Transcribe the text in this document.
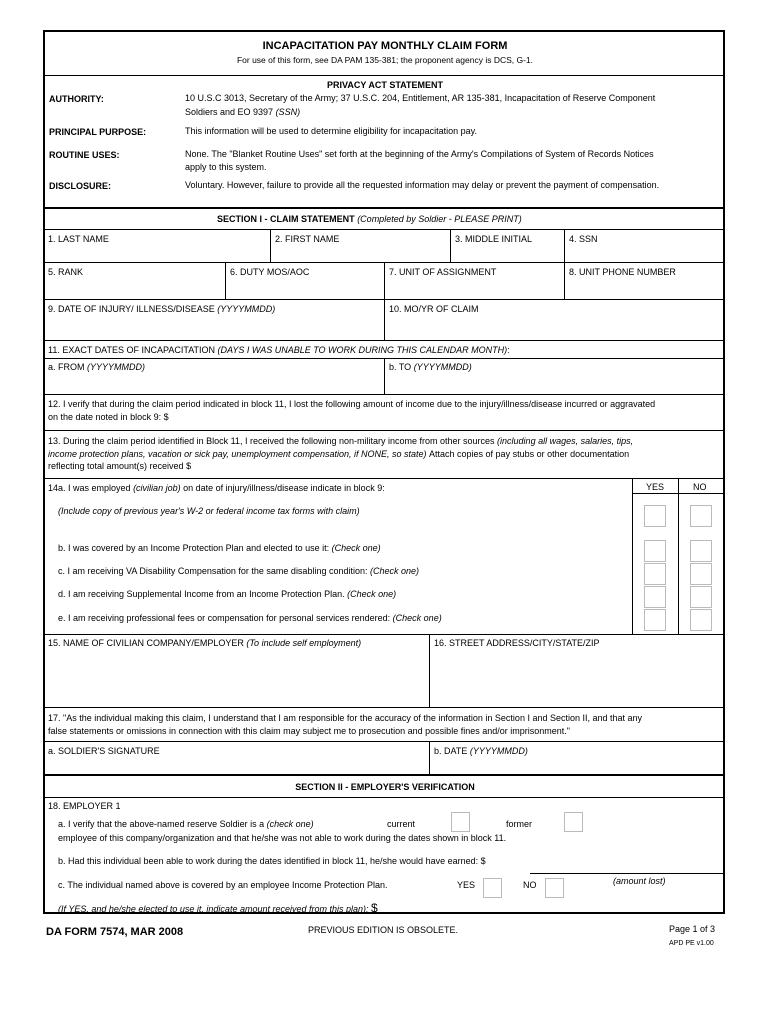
INCAPACITATION PAY MONTHLY CLAIM FORM
For use of this form, see DA PAM 135-381; the proponent agency is DCS, G-1.
PRIVACY ACT STATEMENT
AUTHORITY:	10 U.S.C 3013, Secretary of the Army; 37 U.S.C. 204, Entitlement, AR 135-381, Incapacitation of Reserve Component
Soldiers and EO 9397 (SSN)
PRINCIPAL PURPOSE:	This information will be used to determine eligibility for incapacitation pay.
ROUTINE USES:	None. The "Blanket Routine Uses" set forth at the beginning of the Army's Compilations of System of Records Notices
apply to this system.
DISCLOSURE:	Voluntary. However, failure to provide all the requested information may delay or prevent the payment of compensation.
SECTION I - CLAIM STATEMENT (Completed by Soldier - PLEASE PRINT)
1. LAST NAME	2. FIRST NAME	3. MIDDLE INITIAL	4. SSN
5. RANK	6. DUTY MOS/AOC	7. UNIT OF ASSIGNMENT	8. UNIT PHONE NUMBER
9. DATE OF INJURY/ ILLNESS/DISEASE (YYYYMMDD)	10. MO/YR OF CLAIM
11. EXACT DATES OF INCAPACITATION (DAYS I WAS UNABLE TO WORK DURING THIS CALENDAR MONTH):
a. FROM (YYYYMMDD)	b. TO (YYYYMMDD)
12. I verify that during the claim period indicated in block 11, I lost the following amount of income due to the injury/illness/disease incurred or aggravated
on the date noted in block 9: $
13. During the claim period identified in Block 11, I received the following non-military income from other sources (including all wages, salaries, tips,
income protection plans, vacation or sick pay, unemployment compensation, if NONE, so state) Attach copies of pay stubs or other documentation
reflecting total amount(s) received $
YES	NO
14a. I was employed (civilian job) on date of injury/illness/disease indicate in block 9:
(Include copy of previous year's W-2 or federal income tax forms with claim)
b. I was covered by an Income Protection Plan and elected to use it: (Check one)
c. I am receiving VA Disability Compensation for the same disabling condition: (Check one)
d. I am receiving Supplemental Income from an Income Protection Plan. (Check one)
e. I am receiving professional fees or compensation for personal services rendered: (Check one)
15. NAME OF CIVILIAN COMPANY/EMPLOYER (To include self employment)	16. STREET ADDRESS/CITY/STATE/ZIP
17. "As the individual making this claim, I understand that I am responsible for the accuracy of the information in Section I and Section II, and that any
false statements or omissions in connection with this claim may subject me to prosecution and possible fines and/or imprisonment."
a. SOLDIER'S SIGNATURE	b. DATE (YYYYMMDD)
SECTION II - EMPLOYER'S VERIFICATION
18. EMPLOYER 1
a. I verify that the above-named reserve Soldier is a (check one)	current	former
employee of this company/organization and that he/she was not able to work during the dates shown in block 11.
b. Had this individual been able to work during the dates identified in block 11, he/she would have earned: $
(amount lost)
c. The individual named above is covered by an employee Income Protection Plan.	YES	NO
(If YES, and he/she elected to use it, indicate amount received from this plan): $
DA FORM 7574, MAR 2008	PREVIOUS EDITION IS OBSOLETE.	Page 1 of 3
APD PE v1.00
